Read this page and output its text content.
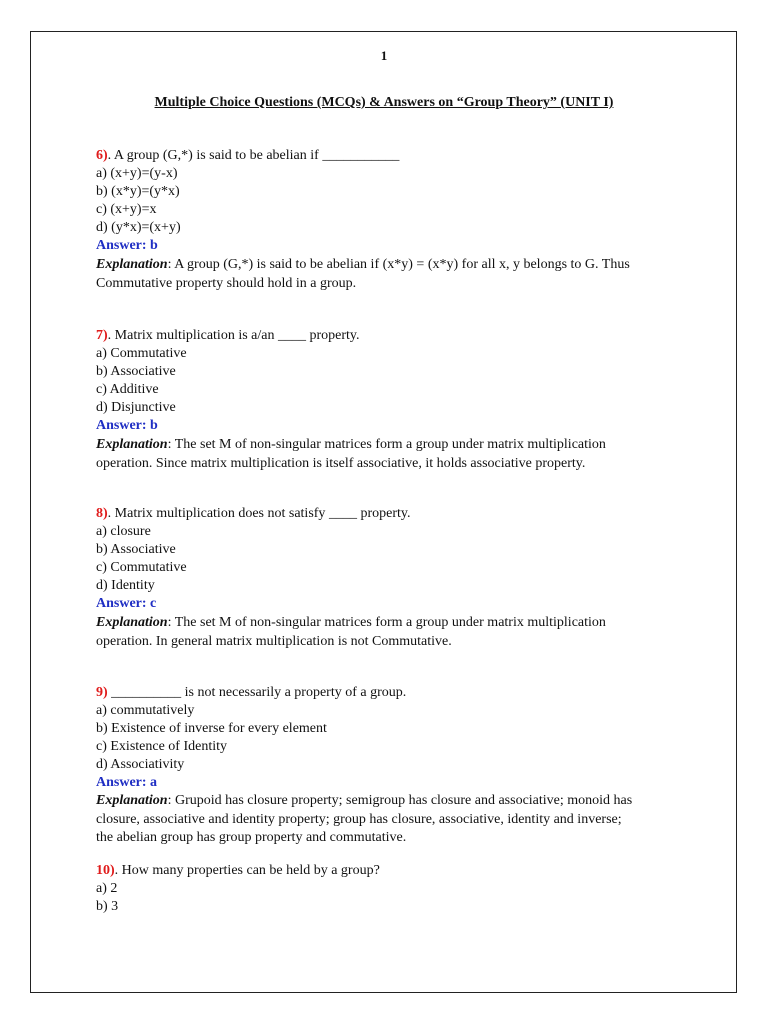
1
Multiple Choice Questions (MCQs) & Answers on “Group Theory” (UNIT I)
6). A group (G,*) is said to be abelian if ___________
a) (x+y)=(y-x)
b) (x*y)=(y*x)
c) (x+y)=x
d) (y*x)=(x+y)
Answer: b
Explanation: A group (G,*) is said to be abelian if (x*y) = (x*y) for all x, y belongs to G. Thus
Commutative property should hold in a group.
7). Matrix multiplication is a/an ____ property.
a) Commutative
b) Associative
c) Additive
d) Disjunctive
Answer: b
Explanation: The set M of non-singular matrices form a group under matrix multiplication
operation. Since matrix multiplication is itself associative, it holds associative property.
8). Matrix multiplication does not satisfy ____ property.
a) closure
b) Associative
c) Commutative
d) Identity
Answer: c
Explanation: The set M of non-singular matrices form a group under matrix multiplication
operation. In general matrix multiplication is not Commutative.
9) __________ is not necessarily a property of a group.
a) commutatively
b) Existence of inverse for every element
c) Existence of Identity
d) Associativity
Answer: a
Explanation: Grupoid has closure property; semigroup has closure and associative; monoid has
closure, associative and identity property; group has closure, associative, identity and inverse;
the abelian group has group property and commutative.
10). How many properties can be held by a group?
a) 2
b) 3
